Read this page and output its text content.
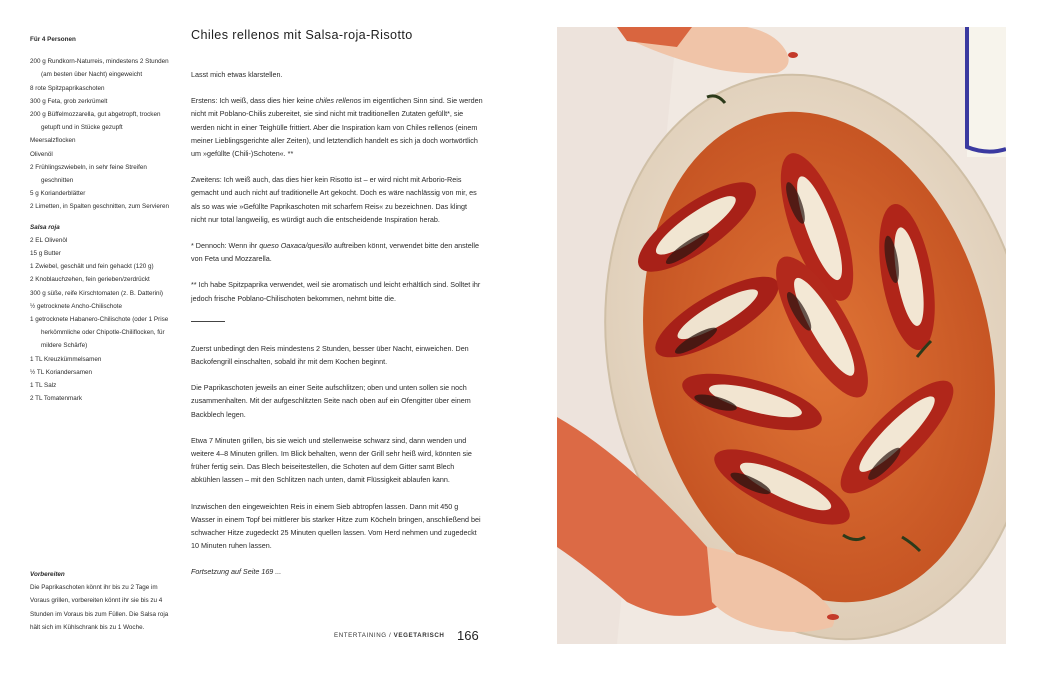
Für 4 Personen
200 g Rundkorn-Naturreis, mindestens 2 Stunden (am besten über Nacht) eingeweicht
8 rote Spitzpaprikaschoten
300 g Feta, grob zerkrümelt
200 g Büffelmozzarella, gut abgetropft, trocken getupft und in Stücke gezupft
Meersalzflocken
Olivenöl
2 Frühlingszwiebeln, in sehr feine Streifen geschnitten
5 g Korianderblätter
2 Limetten, in Spalten geschnitten, zum Servieren
Salsa roja
2 EL Olivenöl
15 g Butter
1 Zwiebel, geschält und fein gehackt (120 g)
2 Knoblauchzehen, fein gerieben/zerdrückt
300 g süße, reife Kirschtomaten (z. B. Datterini)
½ getrocknete Ancho-Chilischote
1 getrocknete Habanero-Chilischote (oder 1 Prise herkömmliche oder Chipotle-Chiliflocken, für mildere Schärfe)
1 TL Kreuzkümmelsamen
½ TL Koriandersamen
1 TL Salz
2 TL Tomatenmark
Vorbereiten
Die Paprikaschoten könnt ihr bis zu 2 Tage im Voraus grillen, vorbereiten könnt ihr sie bis zu 4 Stunden im Voraus bis zum Füllen. Die Salsa roja hält sich im Kühlschrank bis zu 1 Woche.
Chiles rellenos mit Salsa-roja-Risotto

Lasst mich etwas klarstellen.

Erstens: Ich weiß, dass dies hier keine chiles rellenos im eigentlichen Sinn sind. Sie werden nicht mit Poblano-Chilis zubereitet, sie sind nicht mit traditionellen Zutaten gefüllt*, sie werden nicht in einer Teighülle frittiert. Aber die Inspiration kam von Chiles rellenos (einem meiner Lieblingsgerichte aller Zeiten), und letztendlich handelt es sich ja doch wortwörtlich um »gefüllte (Chili-)Schoten«. **

Zweitens: Ich weiß auch, das dies hier kein Risotto ist – er wird nicht mit Arborio-Reis gemacht und auch nicht auf traditionelle Art gekocht. Doch es wäre nachlässig von mir, es als so was wie »Gefüllte Paprikaschoten mit scharfem Reis« zu bezeichnen. Das klingt nicht nur total langweilig, es würdigt auch die entscheidende Inspiration herab.

* Dennoch: Wenn ihr queso Oaxaca/quesillo auftreiben könnt, verwendet bitte den anstelle von Feta und Mozzarella.

** Ich habe Spitzpaprika verwendet, weil sie aromatisch und leicht erhältlich sind. Solltet ihr jedoch frische Poblano-Chilischoten bekommen, nehmt bitte die.

Zuerst unbedingt den Reis mindestens 2 Stunden, besser über Nacht, einweichen. Den Backofengrill einschalten, sobald ihr mit dem Kochen beginnt.

Die Paprikaschoten jeweils an einer Seite aufschlitzen; oben und unten sollen sie noch zusammenhalten. Mit der aufgeschlitzten Seite nach oben auf ein Ofengitter über einem Backblech legen.

Etwa 7 Minuten grillen, bis sie weich und stellenweise schwarz sind, dann wenden und weitere 4–8 Minuten grillen. Im Blick behalten, wenn der Grill sehr heiß wird, könnten sie früher fertig sein. Das Blech beiseitestellen, die Schoten auf dem Gitter samt Blech abkühlen lassen – mit den Schlitzen nach unten, damit Flüssigkeit ablaufen kann.

Inzwischen den eingeweichten Reis in einem Sieb abtropfen lassen. Dann mit 450 g Wasser in einem Topf bei mittlerer bis starker Hitze zum Köcheln bringen, anschließend bei schwacher Hitze zugedeckt 25 Minuten quellen lassen. Vom Herd nehmen und zugedeckt 10 Minuten ruhen lassen.

Fortsetzung auf Seite 169 ...

ENTERTAINING / VEGETARISCH 166
